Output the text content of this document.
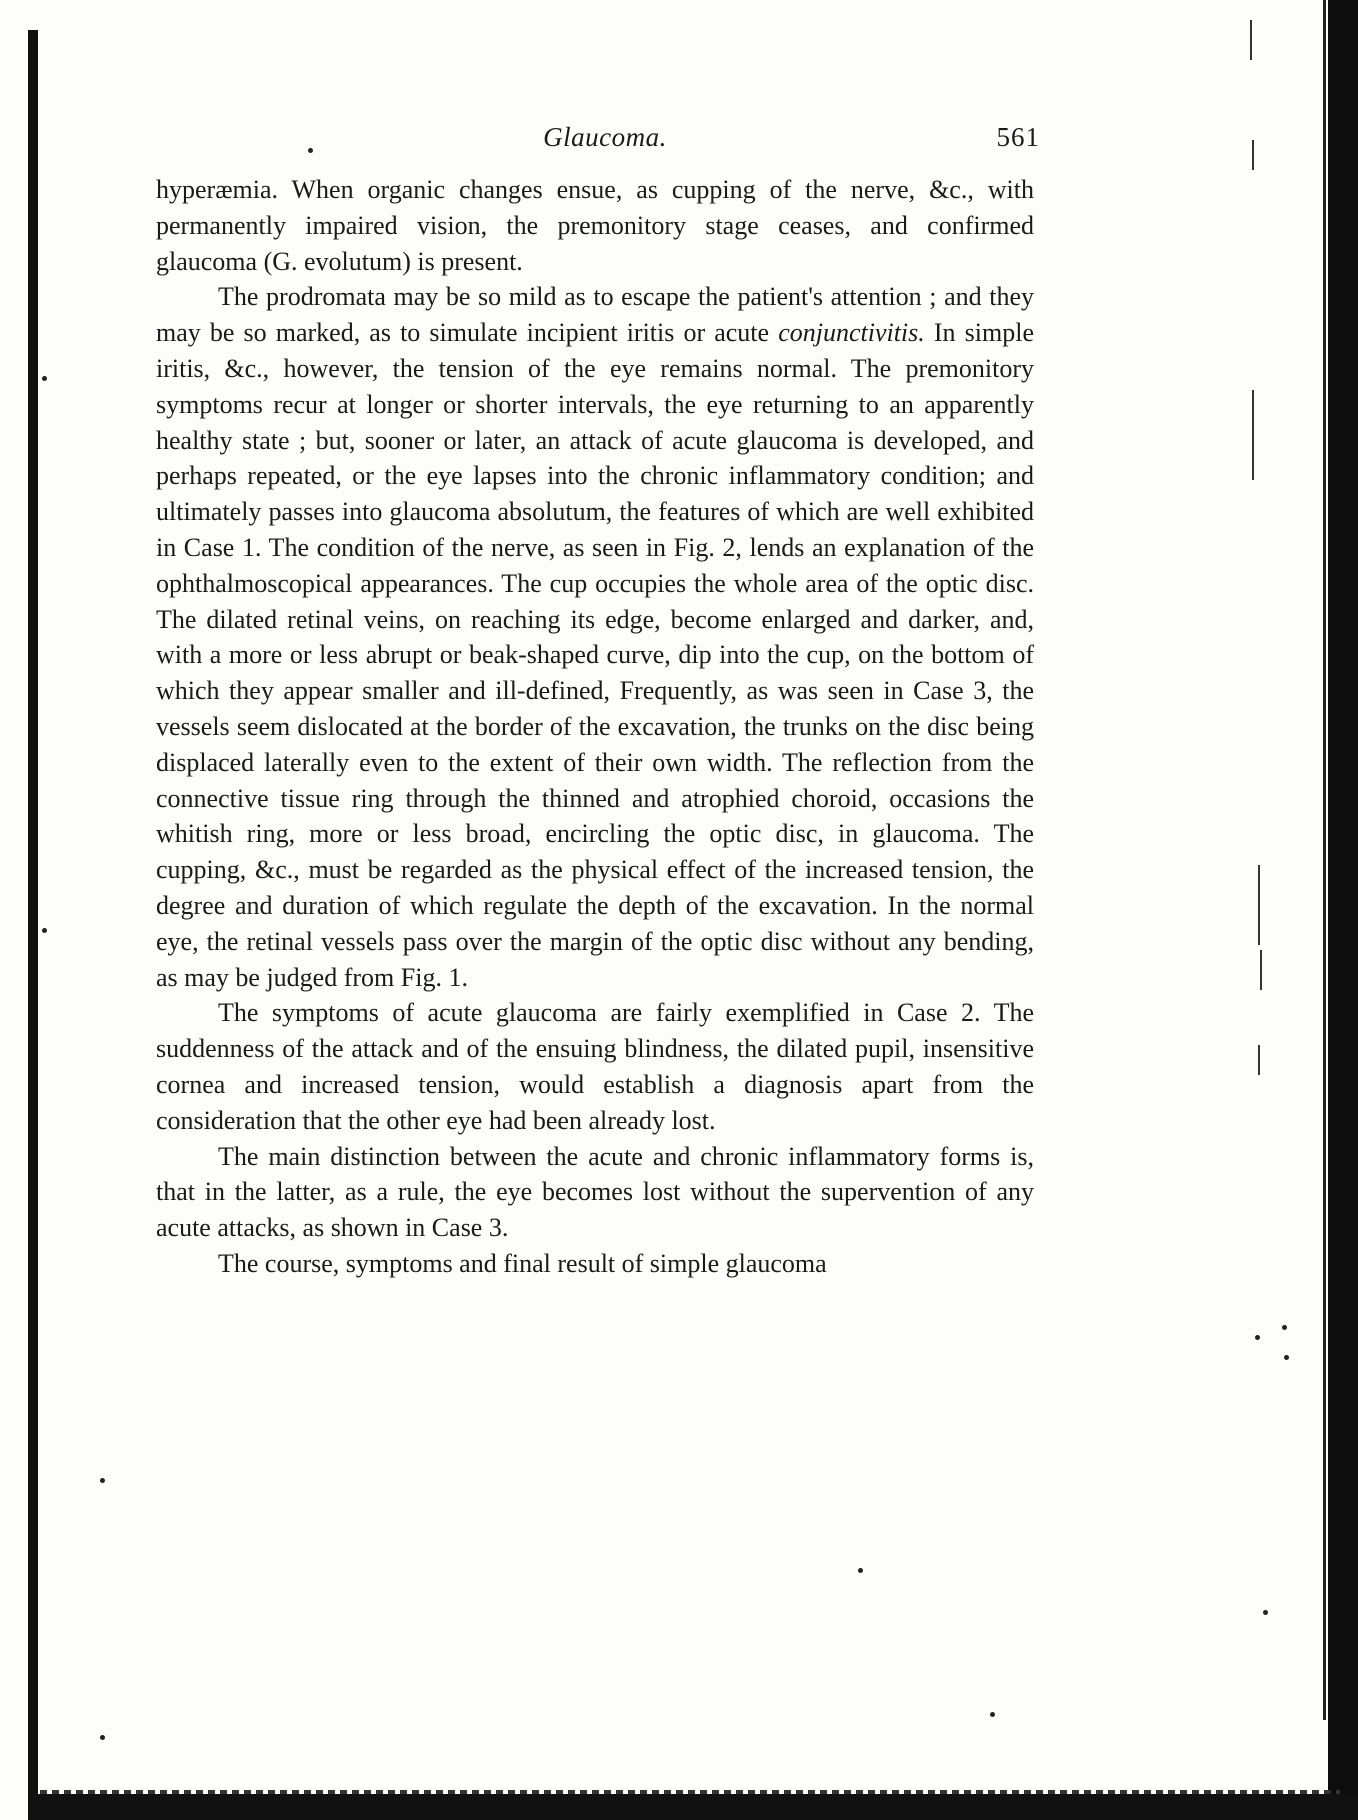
Glaucoma.	561

hyperæmia. When organic changes ensue, as cupping of the nerve, &c., with permanently impaired vision, the premonitory stage ceases, and confirmed glaucoma (G. evolutum) is present.

The prodromata may be so mild as to escape the patient's attention ; and they may be so marked, as to simulate incipient iritis or acute conjunctivitis. In simple iritis, &c., however, the tension of the eye remains normal. The premonitory symptoms recur at longer or shorter intervals, the eye returning to an apparently healthy state ; but, sooner or later, an attack of acute glaucoma is developed, and perhaps repeated, or the eye lapses into the chronic inflammatory condition; and ultimately passes into glaucoma absolutum, the features of which are well exhibited in Case 1. The condition of the nerve, as seen in Fig. 2, lends an explanation of the ophthalmoscopical appearances. The cup occupies the whole area of the optic disc. The dilated retinal veins, on reaching its edge, become enlarged and darker, and, with a more or less abrupt or beak-shaped curve, dip into the cup, on the bottom of which they appear smaller and ill-defined, Frequently, as was seen in Case 3, the vessels seem dislocated at the border of the excavation, the trunks on the disc being displaced laterally even to the extent of their own width. The reflection from the connective tissue ring through the thinned and atrophied choroid, occasions the whitish ring, more or less broad, encircling the optic disc, in glaucoma. The cupping, &c., must be regarded as the physical effect of the increased tension, the degree and duration of which regulate the depth of the excavation. In the normal eye, the retinal vessels pass over the margin of the optic disc without any bending, as may be judged from Fig. 1.

The symptoms of acute glaucoma are fairly exemplified in Case 2. The suddenness of the attack and of the ensuing blindness, the dilated pupil, insensitive cornea and increased tension, would establish a diagnosis apart from the consideration that the other eye had been already lost.

The main distinction between the acute and chronic inflammatory forms is, that in the latter, as a rule, the eye becomes lost without the supervention of any acute attacks, as shown in Case 3.

The course, symptoms and final result of simple glaucoma
